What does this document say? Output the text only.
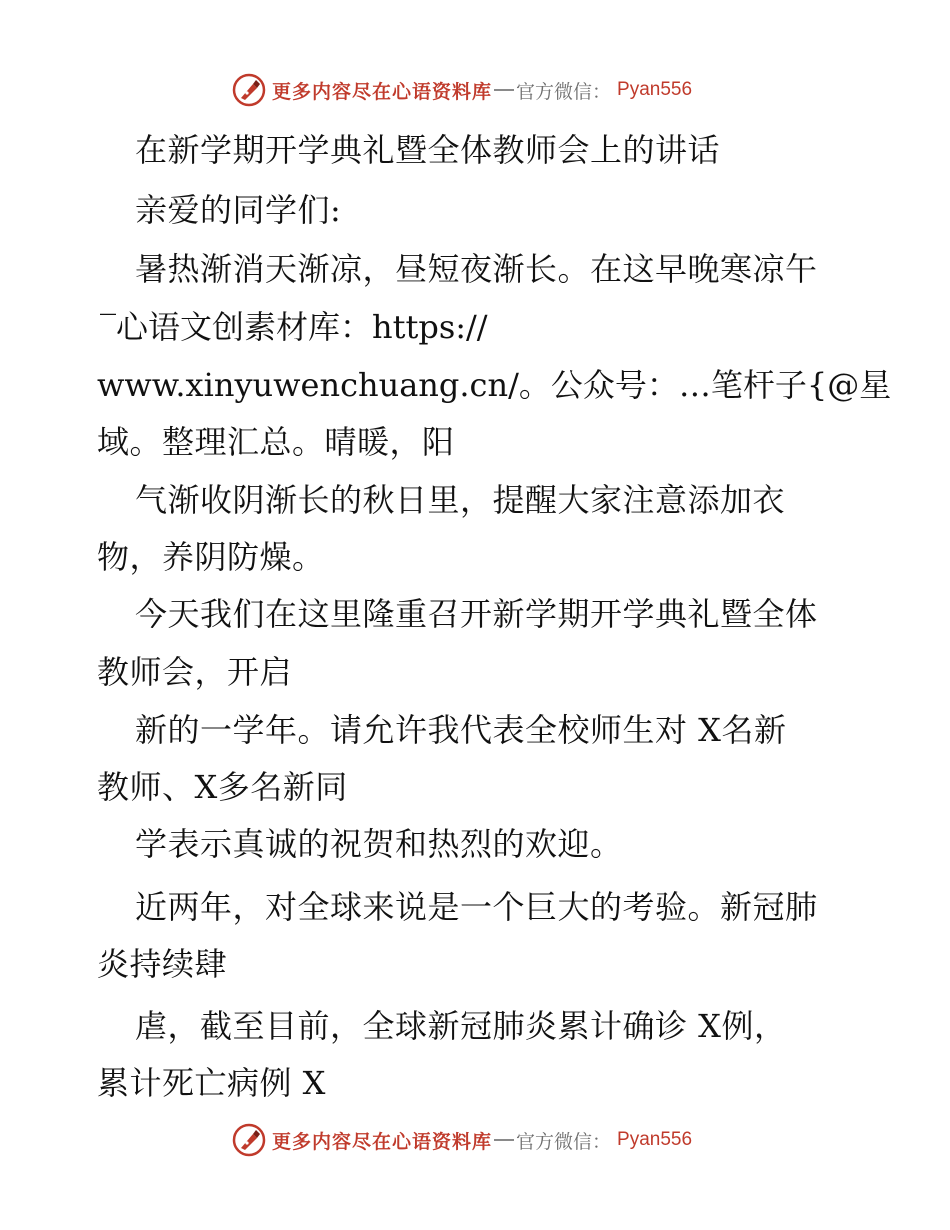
更多内容尽在心语资料库 官方微信： Pyan556
在新学期开学典礼暨全体教师会上的讲话
亲爱的同学们:
暑热渐消天渐凉，昼短夜渐长。在这早晚寒凉午
‾心语文创素材库：https://
www.xinyuwenchuang.cn/。公众号：…笔杆子{@星
域。整理汇总。晴暖，阳
气渐收阴渐长的秋日里，提醒大家注意添加衣
物，养阴防燥。
今天我们在这里隆重召开新学期开学典礼暨全体
教师会，开启
新的一学年。请允许我代表全校师生对 X名新
教师、X多名新同
学表示真诚的祝贺和热烈的欢迎。
近两年，对全球来说是一个巨大的考验。新冠肺
炎持续肆
虐，截至目前，全球新冠肺炎累计确诊 X例，
累计死亡病例 X
更多内容尽在心语资料库 官方微信： Pyan556
